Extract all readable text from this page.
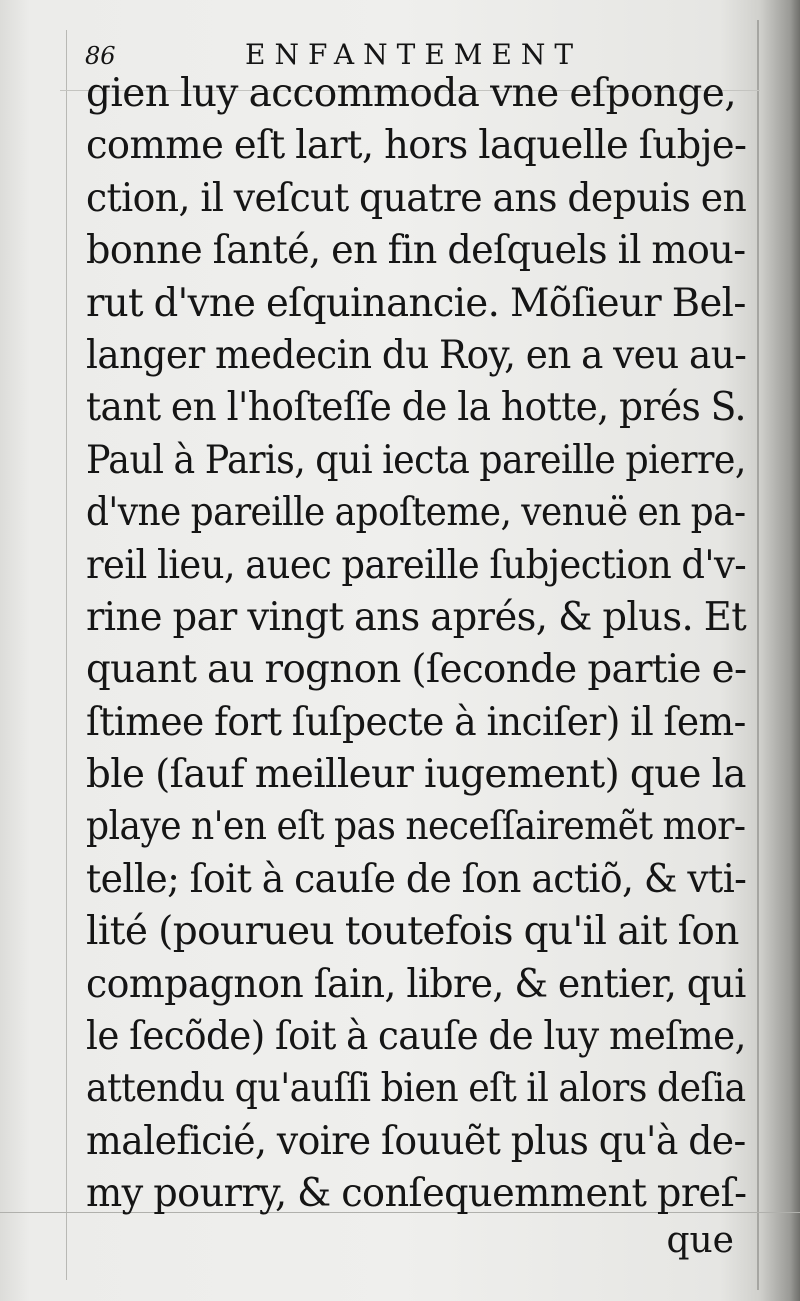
86	ENFANTEMENT
gien luy accommoda vne eſponge,
comme eſt lart, hors laquelle ſubje-
ction, il veſcut quatre ans depuis en
bonne ſanté, en fin deſquels il mou-
rut d'vne eſquinancie. Mõſieur Bel-
langer medecin du Roy, en a veu au-
tant en l'hoſteſſe de la hotte, prés S.
Paul à Paris, qui iecta pareille pierre,
d'vne pareille apoſteme, venuë en pa-
reil lieu, auec pareille ſubjection d'v-
rine par vingt ans aprés, & plus. Et
quant au rognon (ſeconde partie e-
ſtimee fort ſuſpecte à inciſer) il ſem-
ble (ſauf meilleur iugement) que la
playe n'en eſt pas neceſſairemẽt mor-
telle; ſoit à cauſe de ſon actiõ, & vti-
lité (pourueu toutefois qu'il ait ſon
compagnon ſain, libre, & entier, qui
le ſecõde) ſoit à cauſe de luy meſme,
attendu qu'auſſi bien eſt il alors deſia
maleficié, voire ſouuẽt plus qu'à de-
my pourry, & conſequemment preſ-
que
